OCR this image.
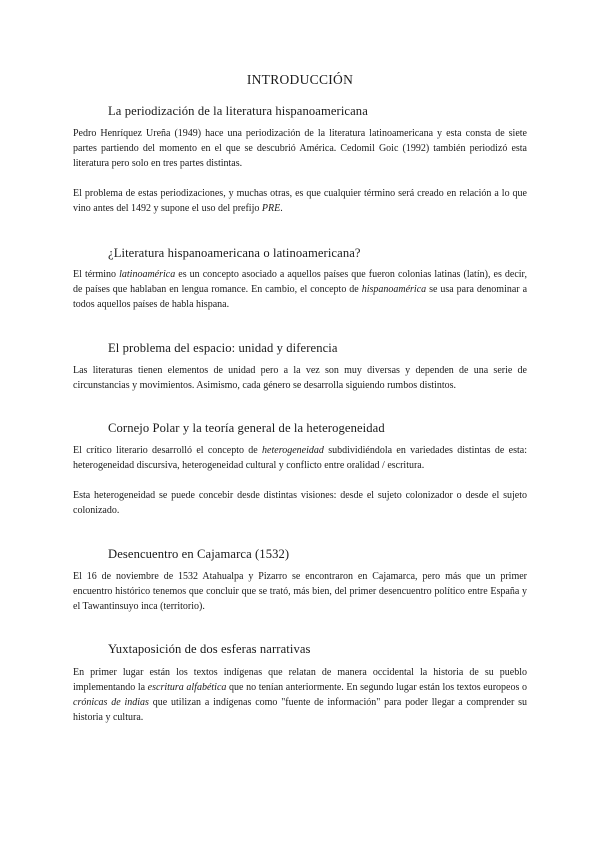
INTRODUCCIÓN
La periodización de la literatura hispanoamericana

Pedro Henríquez Ureña (1949) hace una periodización de la literatura latinoamericana y esta consta de siete partes partiendo del momento en el que se descubrió América. Cedomil Goic (1992) también periodizó esta literatura pero solo en tres partes distintas.

El problema de estas periodizaciones, y muchas otras, es que cualquier término será creado en relación a lo que vino antes del 1492 y supone el uso del prefijo PRE.

¿Literatura hispanoamericana o latinoamericana?

El término latinoamérica es un concepto asociado a aquellos países que fueron colonias latinas (latín), es decir, de países que hablaban en lengua romance. En cambio, el concepto de hispanoamérica se usa para denominar a todos aquellos países de habla hispana.

El problema del espacio: unidad y diferencia

Las literaturas tienen elementos de unidad pero a la vez son muy diversas y dependen de una serie de circunstancias y movimientos. Asimismo, cada género se desarrolla siguiendo rumbos distintos.

Cornejo Polar y la teoría general de la heterogeneidad

El crítico literario desarrolló el concepto de heterogeneidad subdividiéndola en variedades distintas de esta: heterogeneidad discursiva, heterogeneidad cultural y conflicto entre oralidad / escritura.

Esta heterogeneidad se puede concebir desde distintas visiones: desde el sujeto colonizador o desde el sujeto colonizado.

Desencuentro en Cajamarca (1532)

El 16 de noviembre de 1532 Atahualpa y Pizarro se encontraron en Cajamarca, pero más que un primer encuentro histórico tenemos que concluir que se trató, más bien, del primer desencuentro político entre España y el Tawantinsuyo inca (territorio).

Yuxtaposición de dos esferas narrativas

En primer lugar están los textos indígenas que relatan de manera occidental la historia de su pueblo implementando la escritura alfabética que no tenían anteriormente. En segundo lugar están los textos europeos o crónicas de indias que utilizan a indígenas como "fuente de información" para poder llegar a comprender su historia y cultura.
